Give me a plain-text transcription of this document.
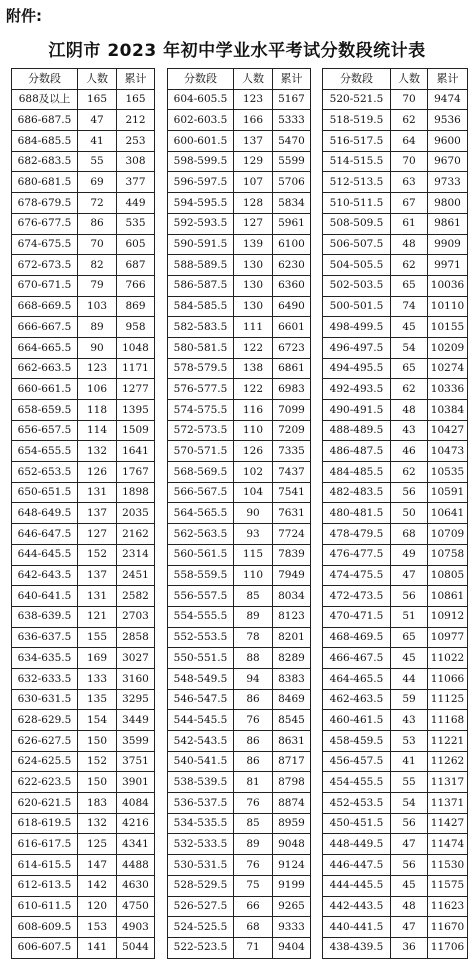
附件:
江阴市 2023 年初中学业水平考试分数段统计表
分数段	人数	累计
688及以上	165	165
686-687.5	47	212
684-685.5	41	253
682-683.5	55	308
680-681.5	69	377
678-679.5	72	449
676-677.5	86	535
674-675.5	70	605
672-673.5	82	687
670-671.5	79	766
668-669.5	103	869
666-667.5	89	958
664-665.5	90	1048
662-663.5	123	1171
660-661.5	106	1277
658-659.5	118	1395
656-657.5	114	1509
654-655.5	132	1641
652-653.5	126	1767
650-651.5	131	1898
648-649.5	137	2035
646-647.5	127	2162
644-645.5	152	2314
642-643.5	137	2451
640-641.5	131	2582
638-639.5	121	2703
636-637.5	155	2858
634-635.5	169	3027
632-633.5	133	3160
630-631.5	135	3295
628-629.5	154	3449
626-627.5	150	3599
624-625.5	152	3751
622-623.5	150	3901
620-621.5	183	4084
618-619.5	132	4216
616-617.5	125	4341
614-615.5	147	4488
612-613.5	142	4630
610-611.5	120	4750
608-609.5	153	4903
606-607.5	141	5044
分数段	人数	累计
604-605.5	123	5167
602-603.5	166	5333
600-601.5	137	5470
598-599.5	129	5599
596-597.5	107	5706
594-595.5	128	5834
592-593.5	127	5961
590-591.5	139	6100
588-589.5	130	6230
586-587.5	130	6360
584-585.5	130	6490
582-583.5	111	6601
580-581.5	122	6723
578-579.5	138	6861
576-577.5	122	6983
574-575.5	116	7099
572-573.5	110	7209
570-571.5	126	7335
568-569.5	102	7437
566-567.5	104	7541
564-565.5	90	7631
562-563.5	93	7724
560-561.5	115	7839
558-559.5	110	7949
556-557.5	85	8034
554-555.5	89	8123
552-553.5	78	8201
550-551.5	88	8289
548-549.5	94	8383
546-547.5	86	8469
544-545.5	76	8545
542-543.5	86	8631
540-541.5	86	8717
538-539.5	81	8798
536-537.5	76	8874
534-535.5	85	8959
532-533.5	89	9048
530-531.5	76	9124
528-529.5	75	9199
526-527.5	66	9265
524-525.5	68	9333
522-523.5	71	9404
分数段	人数	累计
520-521.5	70	9474
518-519.5	62	9536
516-517.5	64	9600
514-515.5	70	9670
512-513.5	63	9733
510-511.5	67	9800
508-509.5	61	9861
506-507.5	48	9909
504-505.5	62	9971
502-503.5	65	10036
500-501.5	74	10110
498-499.5	45	10155
496-497.5	54	10209
494-495.5	65	10274
492-493.5	62	10336
490-491.5	48	10384
488-489.5	43	10427
486-487.5	46	10473
484-485.5	62	10535
482-483.5	56	10591
480-481.5	50	10641
478-479.5	68	10709
476-477.5	49	10758
474-475.5	47	10805
472-473.5	56	10861
470-471.5	51	10912
468-469.5	65	10977
466-467.5	45	11022
464-465.5	44	11066
462-463.5	59	11125
460-461.5	43	11168
458-459.5	53	11221
456-457.5	41	11262
454-455.5	55	11317
452-453.5	54	11371
450-451.5	56	11427
448-449.5	47	11474
446-447.5	56	11530
444-445.5	45	11575
442-443.5	48	11623
440-441.5	47	11670
438-439.5	36	11706
